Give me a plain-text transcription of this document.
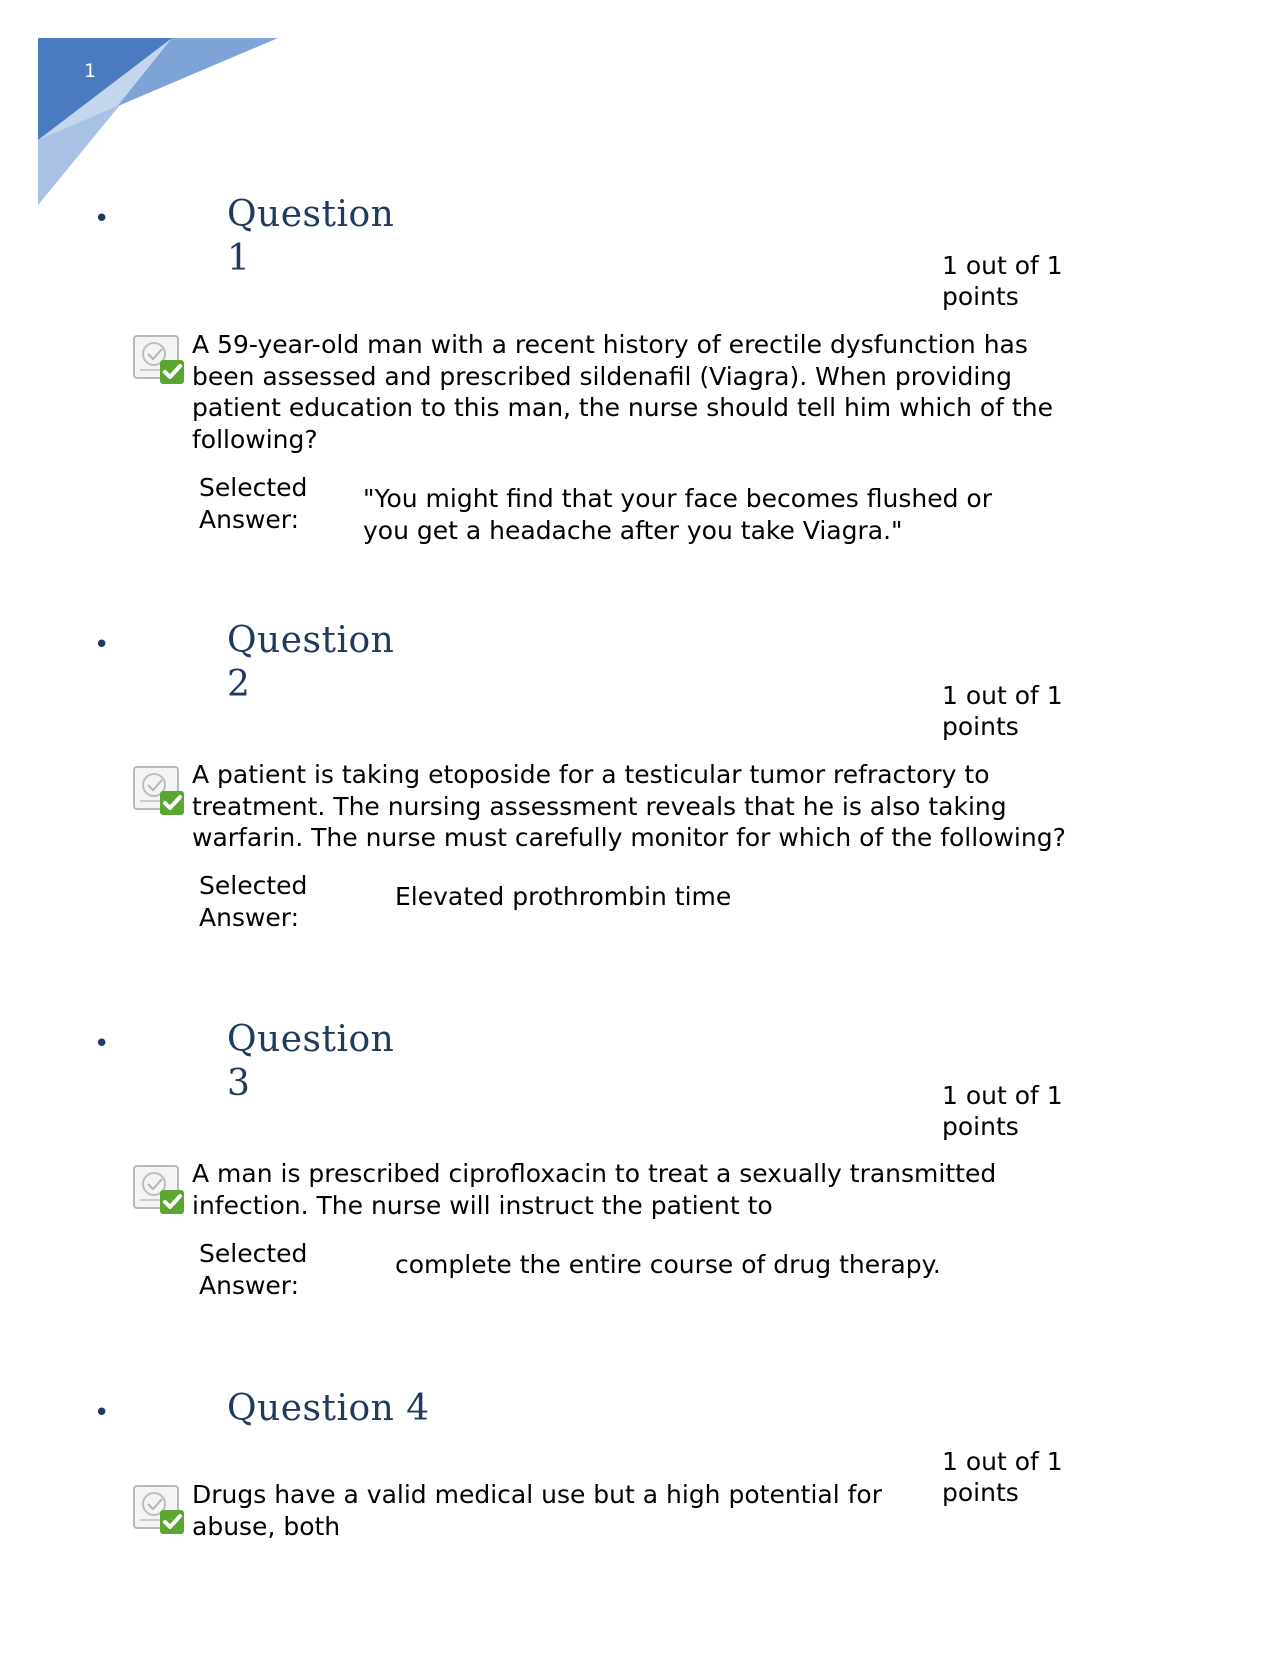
1
•	Question
1	1 out of 1 points
A 59-year-old man with a recent history of erectile dysfunction has been assessed and prescribed sildenafil (Viagra). When providing patient education to this man, the nurse should tell him which of the following?
Selected Answer:
"You might find that your face becomes flushed or you get a headache after you take Viagra."
•	Question
2	1 out of 1 points
A patient is taking etoposide for a testicular tumor refractory to treatment. The nursing assessment reveals that he is also taking warfarin. The nurse must carefully monitor for which of the following?
Selected Answer:
Elevated prothrombin time
•	Question
3	1 out of 1 points
A man is prescribed ciprofloxacin to treat a sexually transmitted infection. The nurse will instruct the patient to
Selected Answer:
complete the entire course of drug therapy.
•	Question 4
1 out of 1 points
Drugs have a valid medical use but a high potential for abuse, both
